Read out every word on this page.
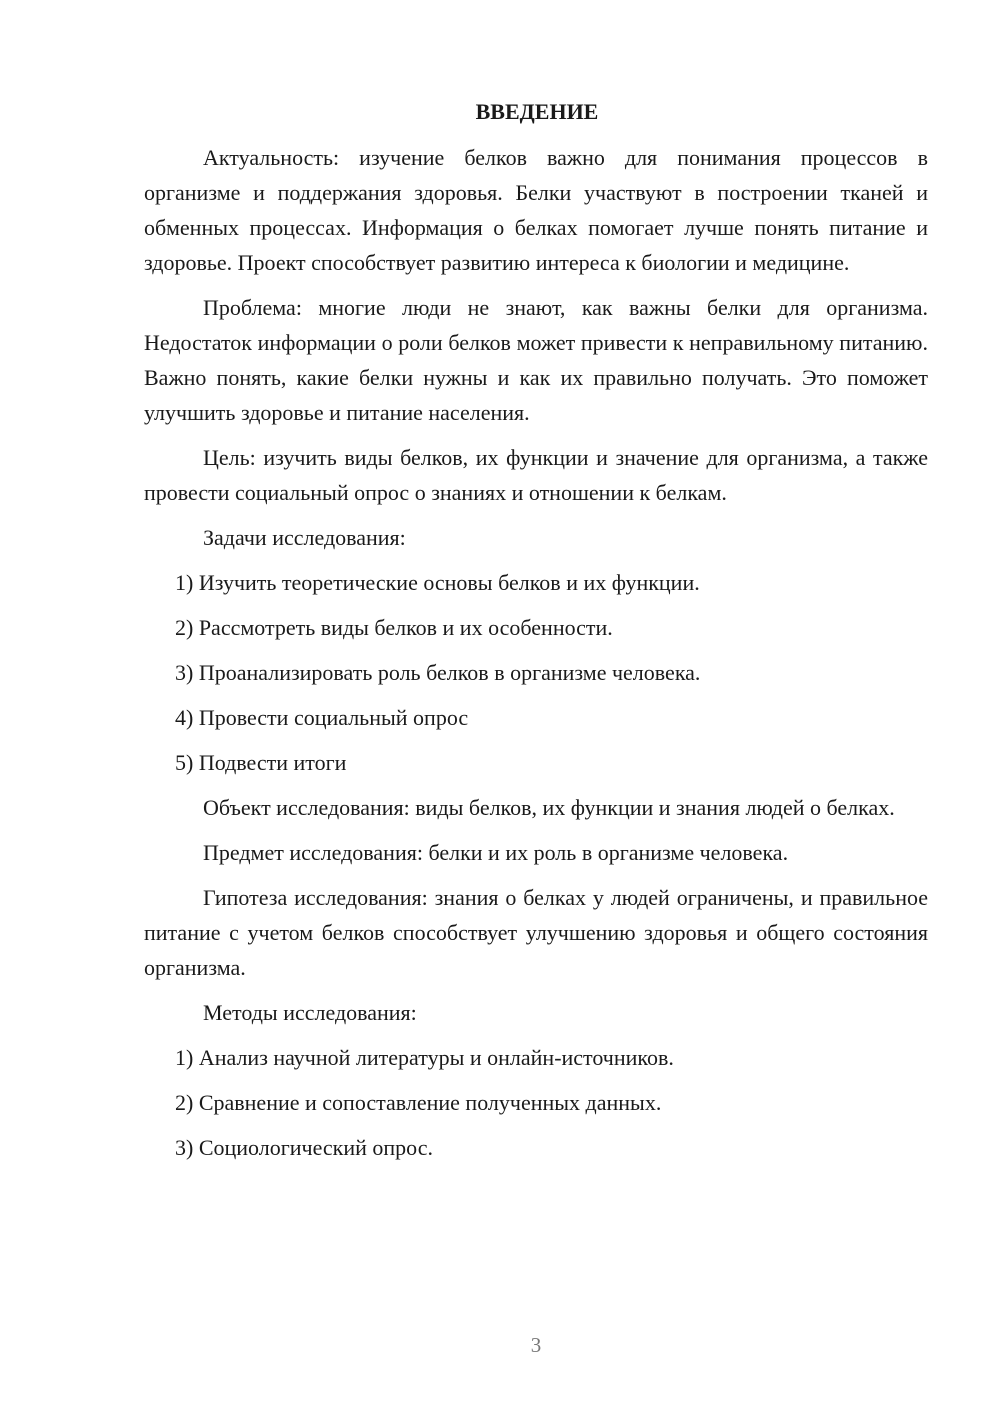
ВВЕДЕНИЕ

Актуальность: изучение белков важно для понимания процессов в организме и поддержания здоровья. Белки участвуют в построении тканей и обменных процессах. Информация о белках помогает лучше понять питание и здоровье. Проект способствует развитию интереса к биологии и медицине.

Проблема: многие люди не знают, как важны белки для организма. Недостаток информации о роли белков может привести к неправильному питанию. Важно понять, какие белки нужны и как их правильно получать. Это поможет улучшить здоровье и питание населения.

Цель: изучить виды белков, их функции и значение для организма, а также провести социальный опрос о знаниях и отношении к белкам.

Задачи исследования:

1) Изучить теоретические основы белков и их функции.
2) Рассмотреть виды белков и их особенности.
3) Проанализировать роль белков в организме человека.
4) Провести социальный опрос
5) Подвести итоги

Объект исследования: виды белков, их функции и знания людей о белках.

Предмет исследования: белки и их роль в организме человека.

Гипотеза исследования: знания о белках у людей ограничены, и правильное питание с учетом белков способствует улучшению здоровья и общего состояния организма.

Методы исследования:

1) Анализ научной литературы и онлайн-источников.
2) Сравнение и сопоставление полученных данных.
3) Социологический опрос.
3
